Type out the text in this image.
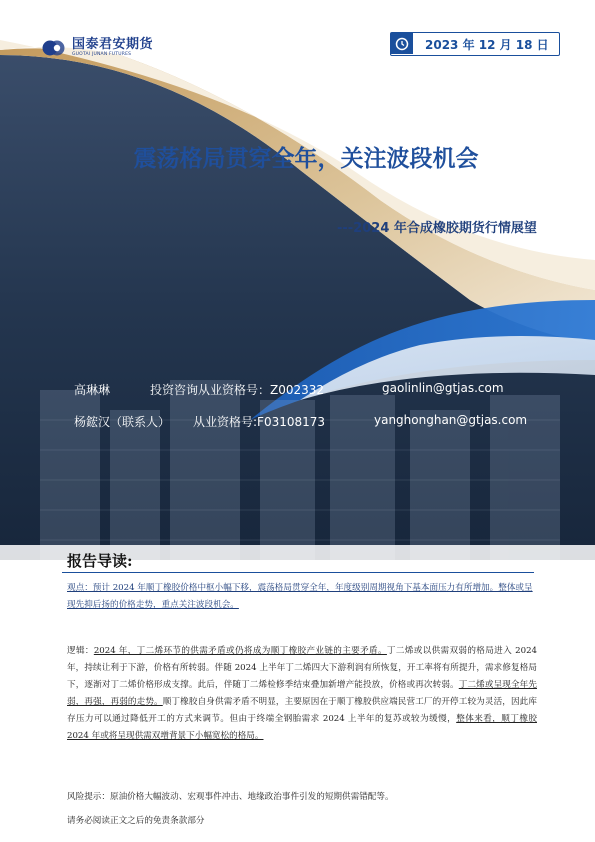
国泰君安期货
GUOTAI JUNAN FUTURES
2023 年 12 月 18 日
震荡格局贯穿全年，关注波段机会
---2024 年合成橡胶期货行情展望
高琳琳	投资咨询从业资格号：Z002332	gaolinlin@gtjas.com
杨鋐汉（联系人） 从业资格号:F03108173	yanghonghan@gtjas.com
报告导读:
观点：预计 2024 年顺丁橡胶价格中枢小幅下移，震荡格局贯穿全年，年度级别周期视角下基本面压力有所增加。整体或呈现先抑后扬的价格走势，重点关注波段机会。
逻辑：2024 年，丁二烯环节的供需矛盾或仍将成为顺丁橡胶产业链的主要矛盾。丁二烯或以供需双弱的格局进入 2024 年，持续让利于下游，价格有所转弱。伴随 2024 上半年丁二烯四大下游利润有所恢复，开工率将有所提升，需求修复格局下，逐渐对丁二烯价格形成支撑。此后，伴随丁二烯检修季结束叠加新增产能投放，价格或再次转弱。丁二烯或呈现全年先弱，再强，再弱的走势。顺丁橡胶自身供需矛盾不明显，主要原因在于顺丁橡胶供应端民营工厂的开停工较为灵活，因此库存压力可以通过降低开工的方式来调节。但由于终端全钢胎需求 2024 上半年的复苏或较为缓慢，整体来看，顺丁橡胶 2024 年或将呈现供需双增背景下小幅宽松的格局。
风险提示：原油价格大幅波动、宏观事件冲击、地缘政治事件引发的短期供需错配等。
请务必阅读正文之后的免责条款部分
